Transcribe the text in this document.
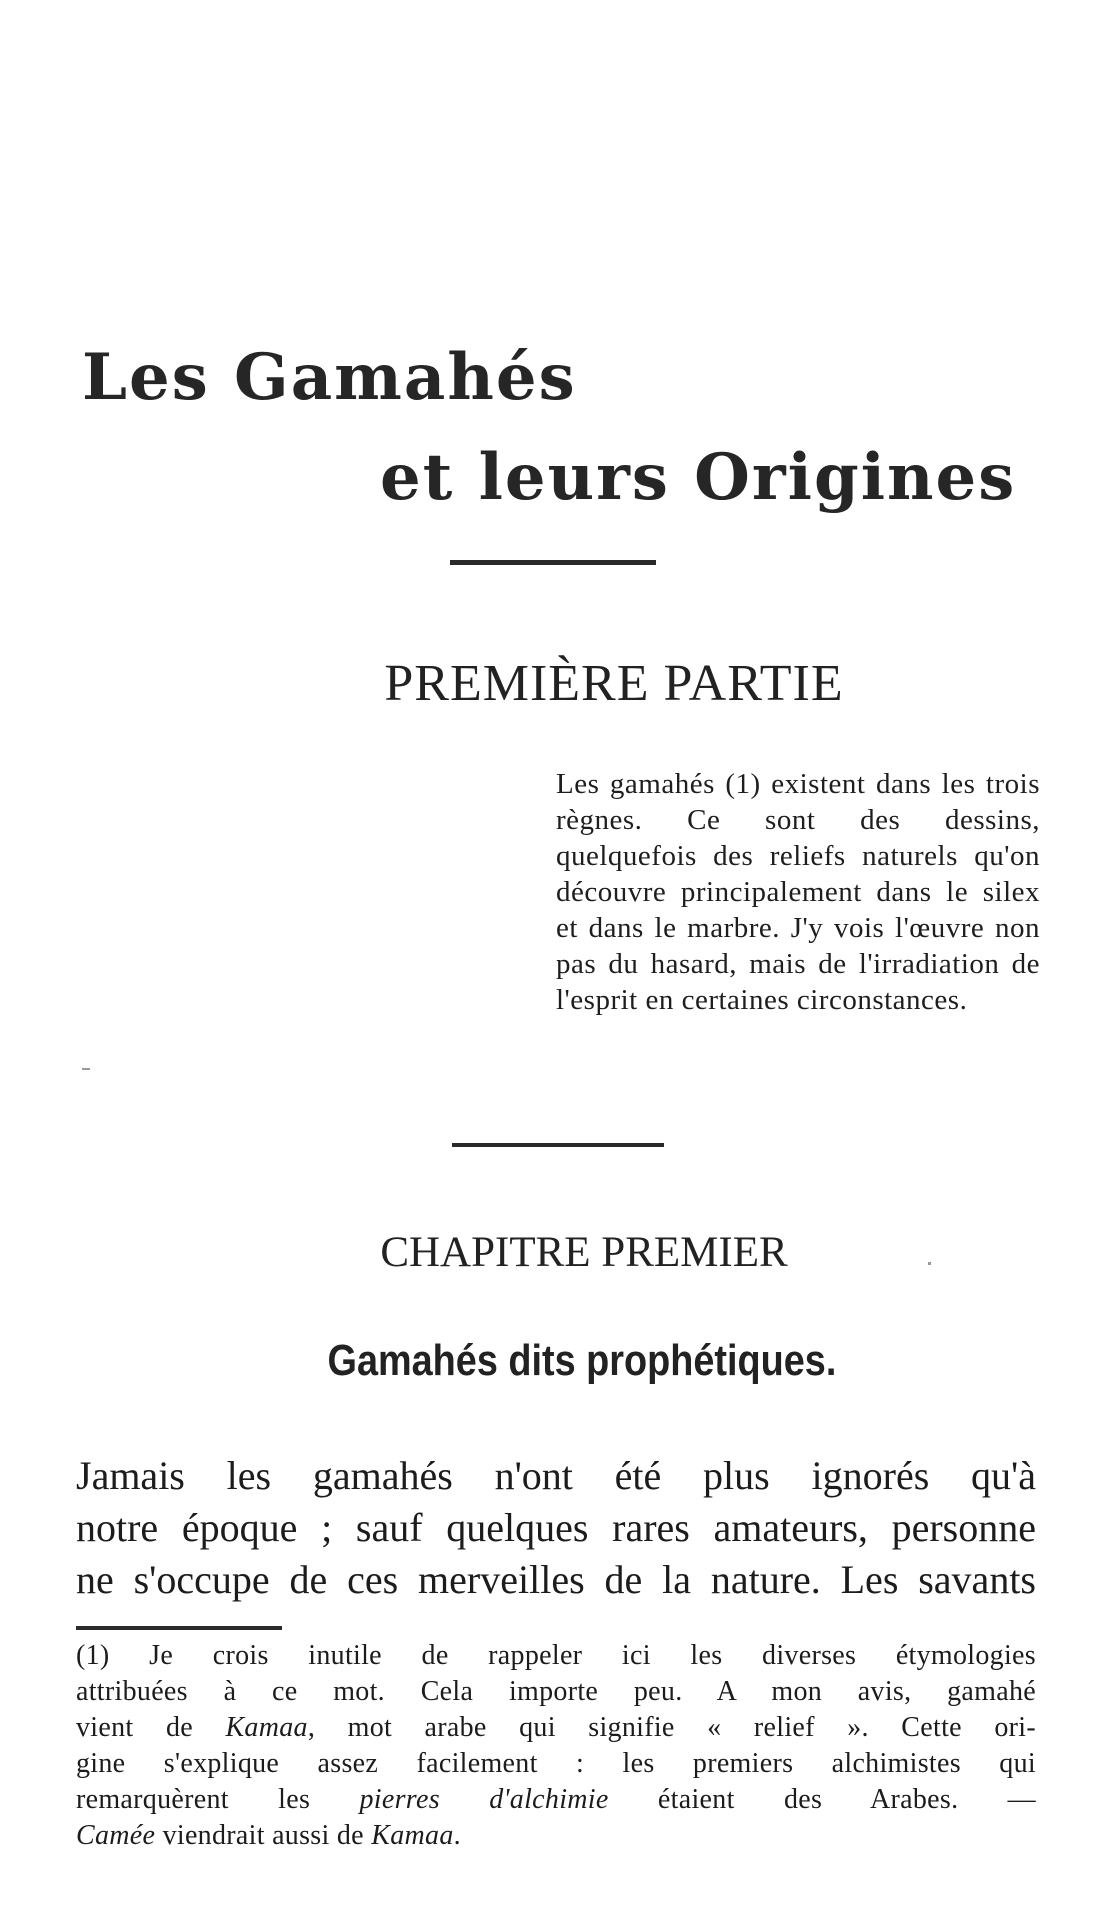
Les Gamahés
et leurs Origines
PREMIÈRE PARTIE
Les gamahés (1) existent dans les trois règnes. Ce sont des dessins, quelquefois des reliefs naturels qu'on découvre principalement dans le silex et dans le marbre. J'y vois l'œuvre non pas du hasard, mais de l'irradiation de l'esprit en certaines circonstances.
CHAPITRE PREMIER
Gamahés dits prophétiques.
Jamais les gamahés n'ont été plus ignorés qu'à
notre époque ; sauf quelques rares amateurs, personne
ne s'occupe de ces merveilles de la nature. Les savants
(1) Je crois inutile de rappeler ici les diverses étymologies
attribuées à ce mot. Cela importe peu. A mon avis, gamahé
vient de Kamaa, mot arabe qui signifie « relief ». Cette ori-
gine s'explique assez facilement : les premiers alchimistes qui
remarquèrent les pierres d'alchimie étaient des Arabes. —
Camée viendrait aussi de Kamaa.
